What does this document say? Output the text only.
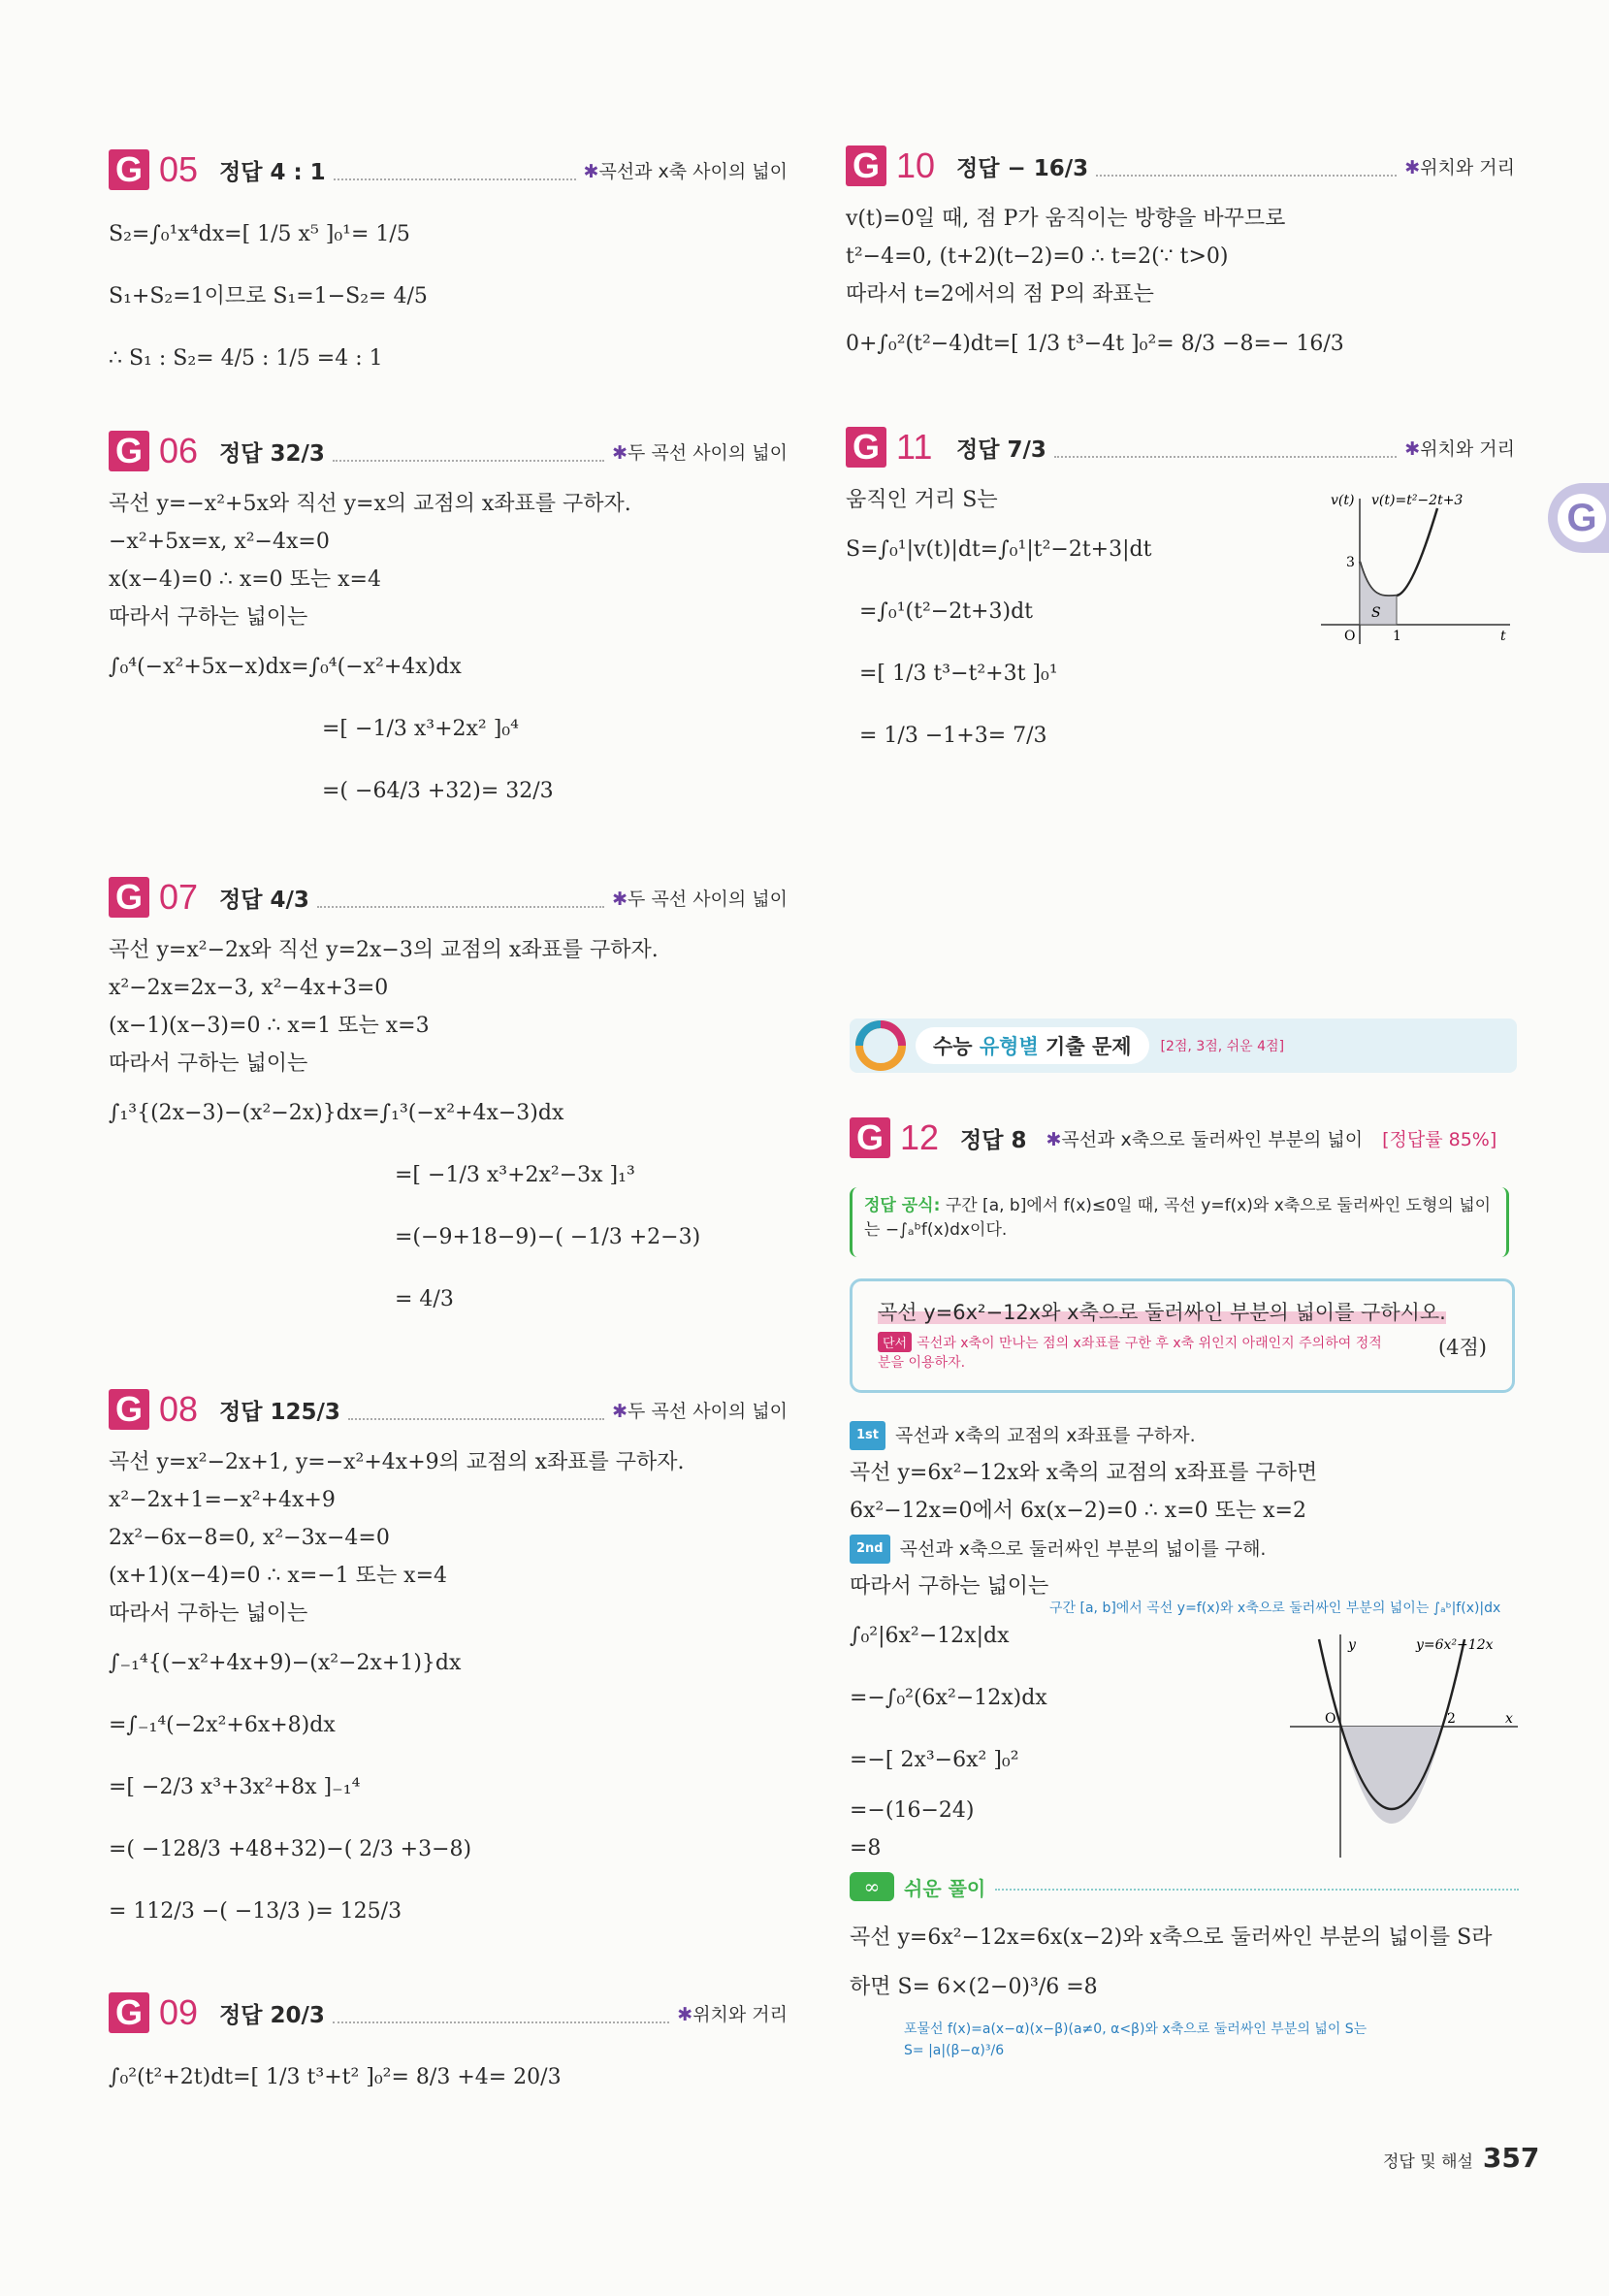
G 05 정답 4 : 1	✱곡선과 x축 사이의 넓이
S₂=∫₀¹x⁴dx=[ 1/5 x⁵ ]₀¹= 1/5
S₁+S₂=1이므로 S₁=1−S₂= 4/5
∴ S₁ : S₂= 4/5 : 1/5 =4 : 1
G 06 정답 32/3	✱두 곡선 사이의 넓이
곡선 y=−x²+5x와 직선 y=x의 교점의 x좌표를 구하자.
−x²+5x=x, x²−4x=0
x(x−4)=0 ∴ x=0 또는 x=4
따라서 구하는 넓이는
∫₀⁴(−x²+5x−x)dx=∫₀⁴(−x²+4x)dx
=[ −1/3 x³+2x² ]₀⁴
=( −64/3 +32)= 32/3
G 07 정답 4/3	✱두 곡선 사이의 넓이
곡선 y=x²−2x와 직선 y=2x−3의 교점의 x좌표를 구하자.
x²−2x=2x−3, x²−4x+3=0
(x−1)(x−3)=0 ∴ x=1 또는 x=3
따라서 구하는 넓이는
∫₁³{(2x−3)−(x²−2x)}dx=∫₁³(−x²+4x−3)dx
=[ −1/3 x³+2x²−3x ]₁³
=(−9+18−9)−( −1/3 +2−3)
= 4/3
G 08 정답 125/3	✱두 곡선 사이의 넓이
곡선 y=x²−2x+1, y=−x²+4x+9의 교점의 x좌표를 구하자.
x²−2x+1=−x²+4x+9
2x²−6x−8=0, x²−3x−4=0
(x+1)(x−4)=0 ∴ x=−1 또는 x=4
따라서 구하는 넓이는
∫₋₁⁴{(−x²+4x+9)−(x²−2x+1)}dx
=∫₋₁⁴(−2x²+6x+8)dx
=[ −2/3 x³+3x²+8x ]₋₁⁴
=( −128/3 +48+32)−( 2/3 +3−8)
= 112/3 −( −13/3 )= 125/3
G 09 정답 20/3	✱위치와 거리
∫₀²(t²+2t)dt=[ 1/3 t³+t² ]₀²= 8/3 +4= 20/3
G 10 정답 − 16/3	✱위치와 거리
v(t)=0일 때, 점 P가 움직이는 방향을 바꾸므로
t²−4=0, (t+2)(t−2)=0 ∴ t=2(∵ t>0)
따라서 t=2에서의 점 P의 좌표는
0+∫₀²(t²−4)dt=[ 1/3 t³−4t ]₀²= 8/3 −8=− 16/3
G 11	정답 7/3	✱위치와 거리
움직인 거리 S는
S=∫₀¹|v(t)|dt=∫₀¹|t²−2t+3|dt
=∫₀¹(t²−2t+3)dt
=[ 1/3 t³−t²+3t ]₀¹
= 1/3 −1+3= 7/3
v(t) v(t)=t²−2t+3
3
O	1	t
S
G
수능 유형별 기출 문제	[2점, 3점, 쉬운 4점]
G 12 정답 8 ✱곡선과 x축으로 둘러싸인 부분의 넓이 [정답률 85%]
정답 공식: 구간 [a, b]에서 f(x)≤0일 때, 곡선 y=f(x)와 x축으로 둘러싸인 도형의 넓이는 −∫ₐᵇf(x)dx이다.
곡선 y=6x²−12x와 x축으로 둘러싸인 부분의 넓이를 구하시오.
단서 곡선과 x축이 만나는 점의 x좌표를 구한 후 x축 위인지 아래인지 주의하여 정적분을 이용하자.
(4점)
1st 곡선과 x축의 교점의 x좌표를 구하자.
곡선 y=6x²−12x와 x축의 교점의 x좌표를 구하면
6x²−12x=0에서 6x(x−2)=0 ∴ x=0 또는 x=2
2nd 곡선과 x축으로 둘러싸인 부분의 넓이를 구해.
따라서 구하는 넓이는
∫₀²|6x²−12x|dx
=−∫₀²(6x²−12x)dx
=−[ 2x³−6x² ]₀²
=−(16−24)
=8
구간 [a, b]에서 곡선 y=f(x)와 x축으로 둘러싸인 부분의 넓이는 ∫ₐᵇ|f(x)|dx
y	y=6x²−12x
O	2	x
∞	쉬운 풀이
곡선 y=6x²−12x=6x(x−2)와 x축으로 둘러싸인 부분의 넓이를 S라
하면 S= 6×(2−0)³/6 =8
포물선 f(x)=a(x−α)(x−β)(a≠0, α<β)와 x축으로 둘러싸인 부분의 넓이 S는
S= |a|(β−α)³/6
정답 및 해설 357
